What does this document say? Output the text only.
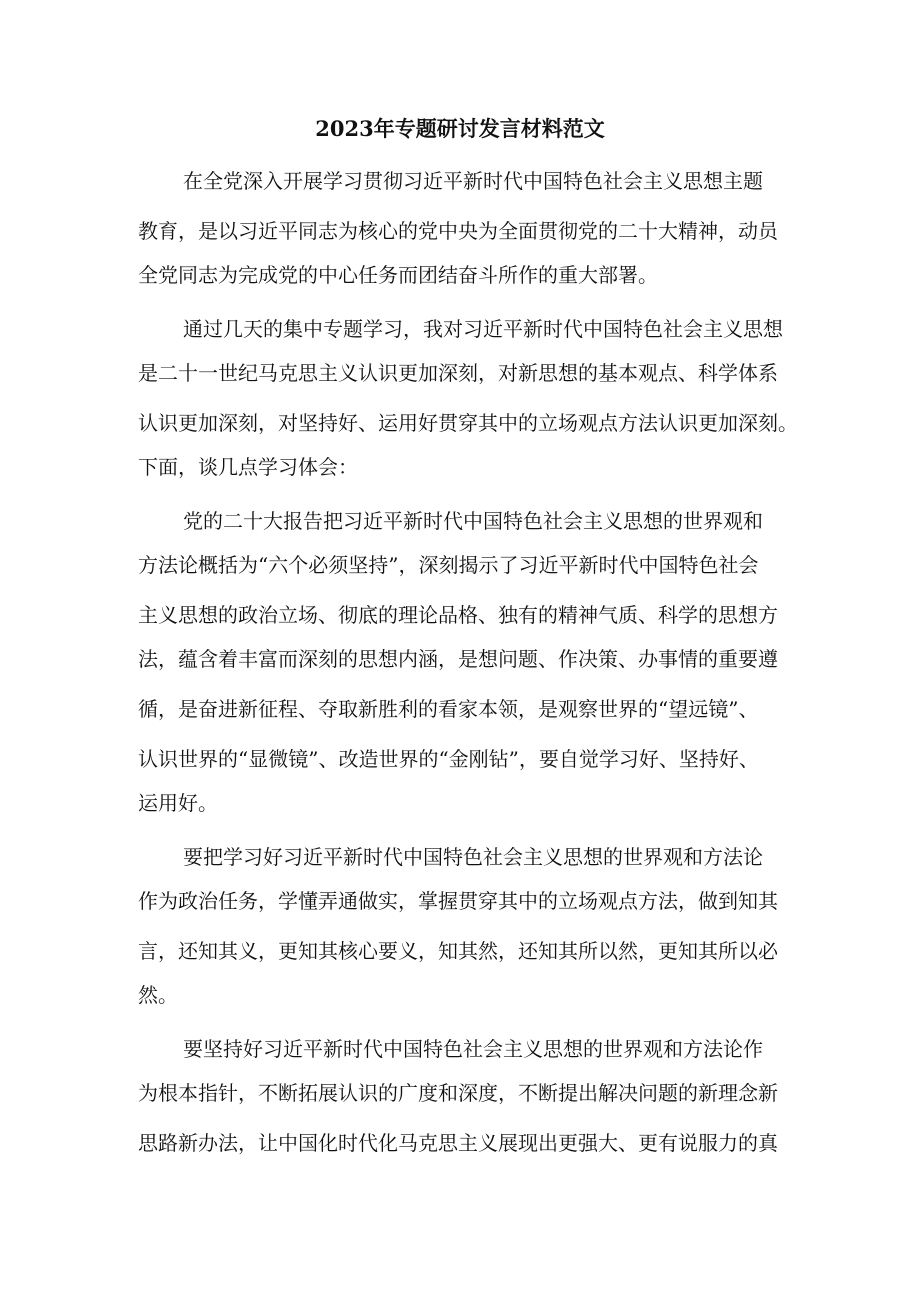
2023年专题研讨发言材料范文
在全党深入开展学习贯彻习近平新时代中国特色社会主义思想主题
教育，是以习近平同志为核心的党中央为全面贯彻党的二十大精神，动员
全党同志为完成党的中心任务而团结奋斗所作的重大部署。
通过几天的集中专题学习，我对习近平新时代中国特色社会主义思想
是二十一世纪马克思主义认识更加深刻，对新思想的基本观点、科学体系
认识更加深刻，对坚持好、运用好贯穿其中的立场观点方法认识更加深刻。
下面，谈几点学习体会：
党的二十大报告把习近平新时代中国特色社会主义思想的世界观和
方法论概括为“六个必须坚持”，深刻揭示了习近平新时代中国特色社会
主义思想的政治立场、彻底的理论品格、独有的精神气质、科学的思想方
法，蕴含着丰富而深刻的思想内涵，是想问题、作决策、办事情的重要遵
循，是奋进新征程、夺取新胜利的看家本领，是观察世界的“望远镜”、
认识世界的“显微镜”、改造世界的“金刚钻”，要自觉学习好、坚持好、
运用好。
要把学习好习近平新时代中国特色社会主义思想的世界观和方法论
作为政治任务，学懂弄通做实，掌握贯穿其中的立场观点方法，做到知其
言，还知其义，更知其核心要义，知其然，还知其所以然，更知其所以必
然。
要坚持好习近平新时代中国特色社会主义思想的世界观和方法论作
为根本指针，不断拓展认识的广度和深度，不断提出解决问题的新理念新
思路新办法，让中国化时代化马克思主义展现出更强大、更有说服力的真
